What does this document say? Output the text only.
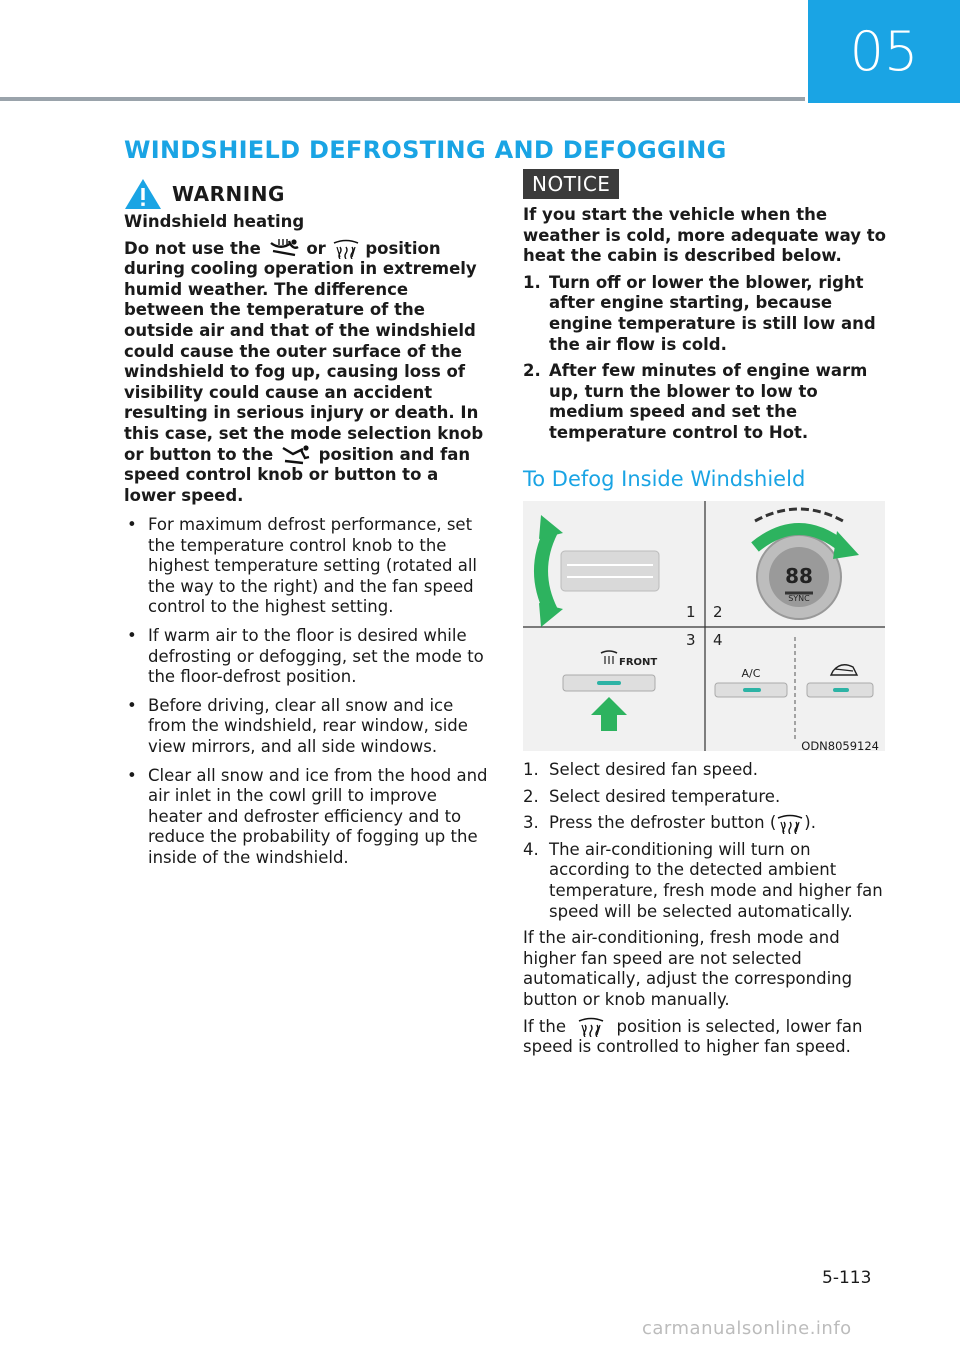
05
WINDSHIELD DEFROSTING AND DEFOGGING
WARNING

Windshield heating

Do not use the	or position during cooling operation in extremely humid weather. The difference between the temperature of the outside air and that of the windshield could cause the outer surface of the windshield to fog up, causing loss of visibility could cause an accident resulting in serious injury or death. In this case, set the mode selection knob or button to the	position and fan speed control knob or button to a lower speed.

• For maximum defrost performance, set the temperature control knob to the highest temperature setting (rotated all the way to the right) and the fan speed control to the highest setting.
• If warm air to the floor is desired while defrosting or defogging, set the mode to the floor-defrost position.
• Before driving, clear all snow and ice from the windshield, rear window, side view mirrors, and all side windows.
• Clear all snow and ice from the hood and air inlet in the cowl grill to improve heater and defroster efficiency and to reduce the probability of fogging up the inside of the windshield.
NOTICE

If you start the vehicle when the weather is cold, more adequate way to heat the cabin is described below.

1. Turn off or lower the blower, right after engine starting, because engine temperature is still low and the air flow is cold.
2. After few minutes of engine warm up, turn the blower to low to medium speed and set the temperature control to Hot.
To Defog Inside Windshield
88
SYNC
1 2
3 4
FRONT
A/C
ODN8059124
1. Select desired fan speed.
2. Select desired temperature.
3. Press the defroster button ( ).
4. The air-conditioning will turn on according to the detected ambient temperature, fresh mode and higher fan speed will be selected automatically.

If the air-conditioning, fresh mode and higher fan speed are not selected automatically, adjust the corresponding button or knob manually.

If the	position is selected, lower fan speed is controlled to higher fan speed.

5-113
carmanualsonline.info
